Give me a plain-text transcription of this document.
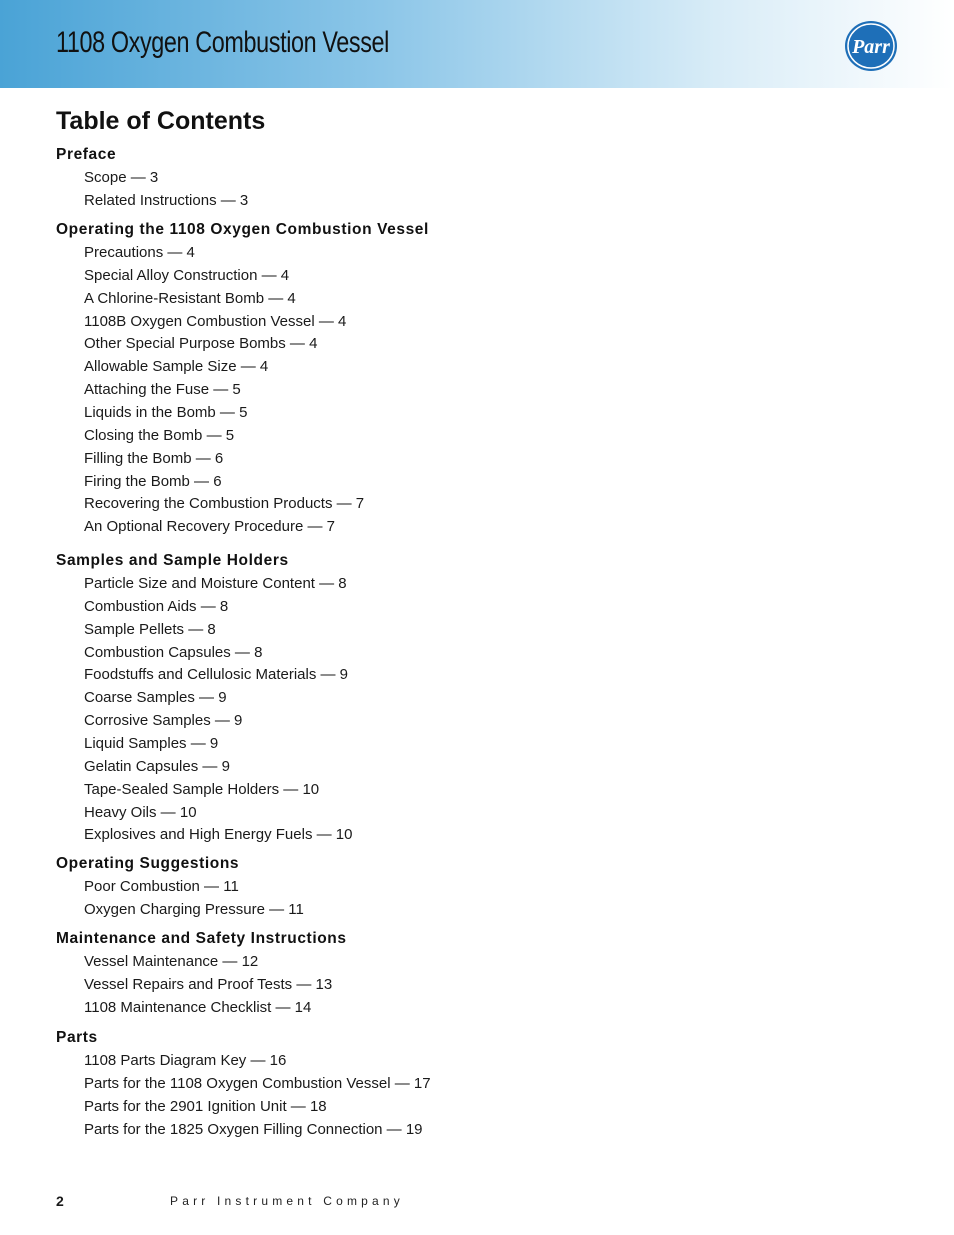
1108 Oxygen Combustion Vessel	Parr
Table of Contents
Preface
Scope — 3
Related Instructions — 3
Operating the 1108 Oxygen Combustion Vessel
Precautions — 4
Special Alloy Construction — 4
A Chlorine-Resistant Bomb — 4
1108B Oxygen Combustion Vessel — 4
Other Special Purpose Bombs — 4
Allowable Sample Size — 4
Attaching the Fuse — 5
Liquids in the Bomb — 5
Closing the Bomb — 5
Filling the Bomb — 6
Firing the Bomb — 6
Recovering the Combustion Products — 7
An Optional Recovery Procedure — 7
Samples and Sample Holders
Particle Size and Moisture Content — 8
Combustion Aids — 8
Sample Pellets — 8
Combustion Capsules — 8
Foodstuffs and Cellulosic Materials — 9
Coarse Samples — 9
Corrosive Samples — 9
Liquid Samples — 9
Gelatin Capsules — 9
Tape-Sealed Sample Holders — 10
Heavy Oils — 10
Explosives and High Energy Fuels — 10
Operating Suggestions
Poor Combustion — 11
Oxygen Charging Pressure — 11
Maintenance and Safety Instructions
Vessel Maintenance — 12
Vessel Repairs and Proof Tests — 13
1108 Maintenance Checklist — 14
Parts
1108 Parts Diagram Key — 16
Parts for the 1108 Oxygen Combustion Vessel — 17
Parts for the 2901 Ignition Unit — 18
Parts for the 1825 Oxygen Filling Connection — 19
2	Parr Instrument Company
